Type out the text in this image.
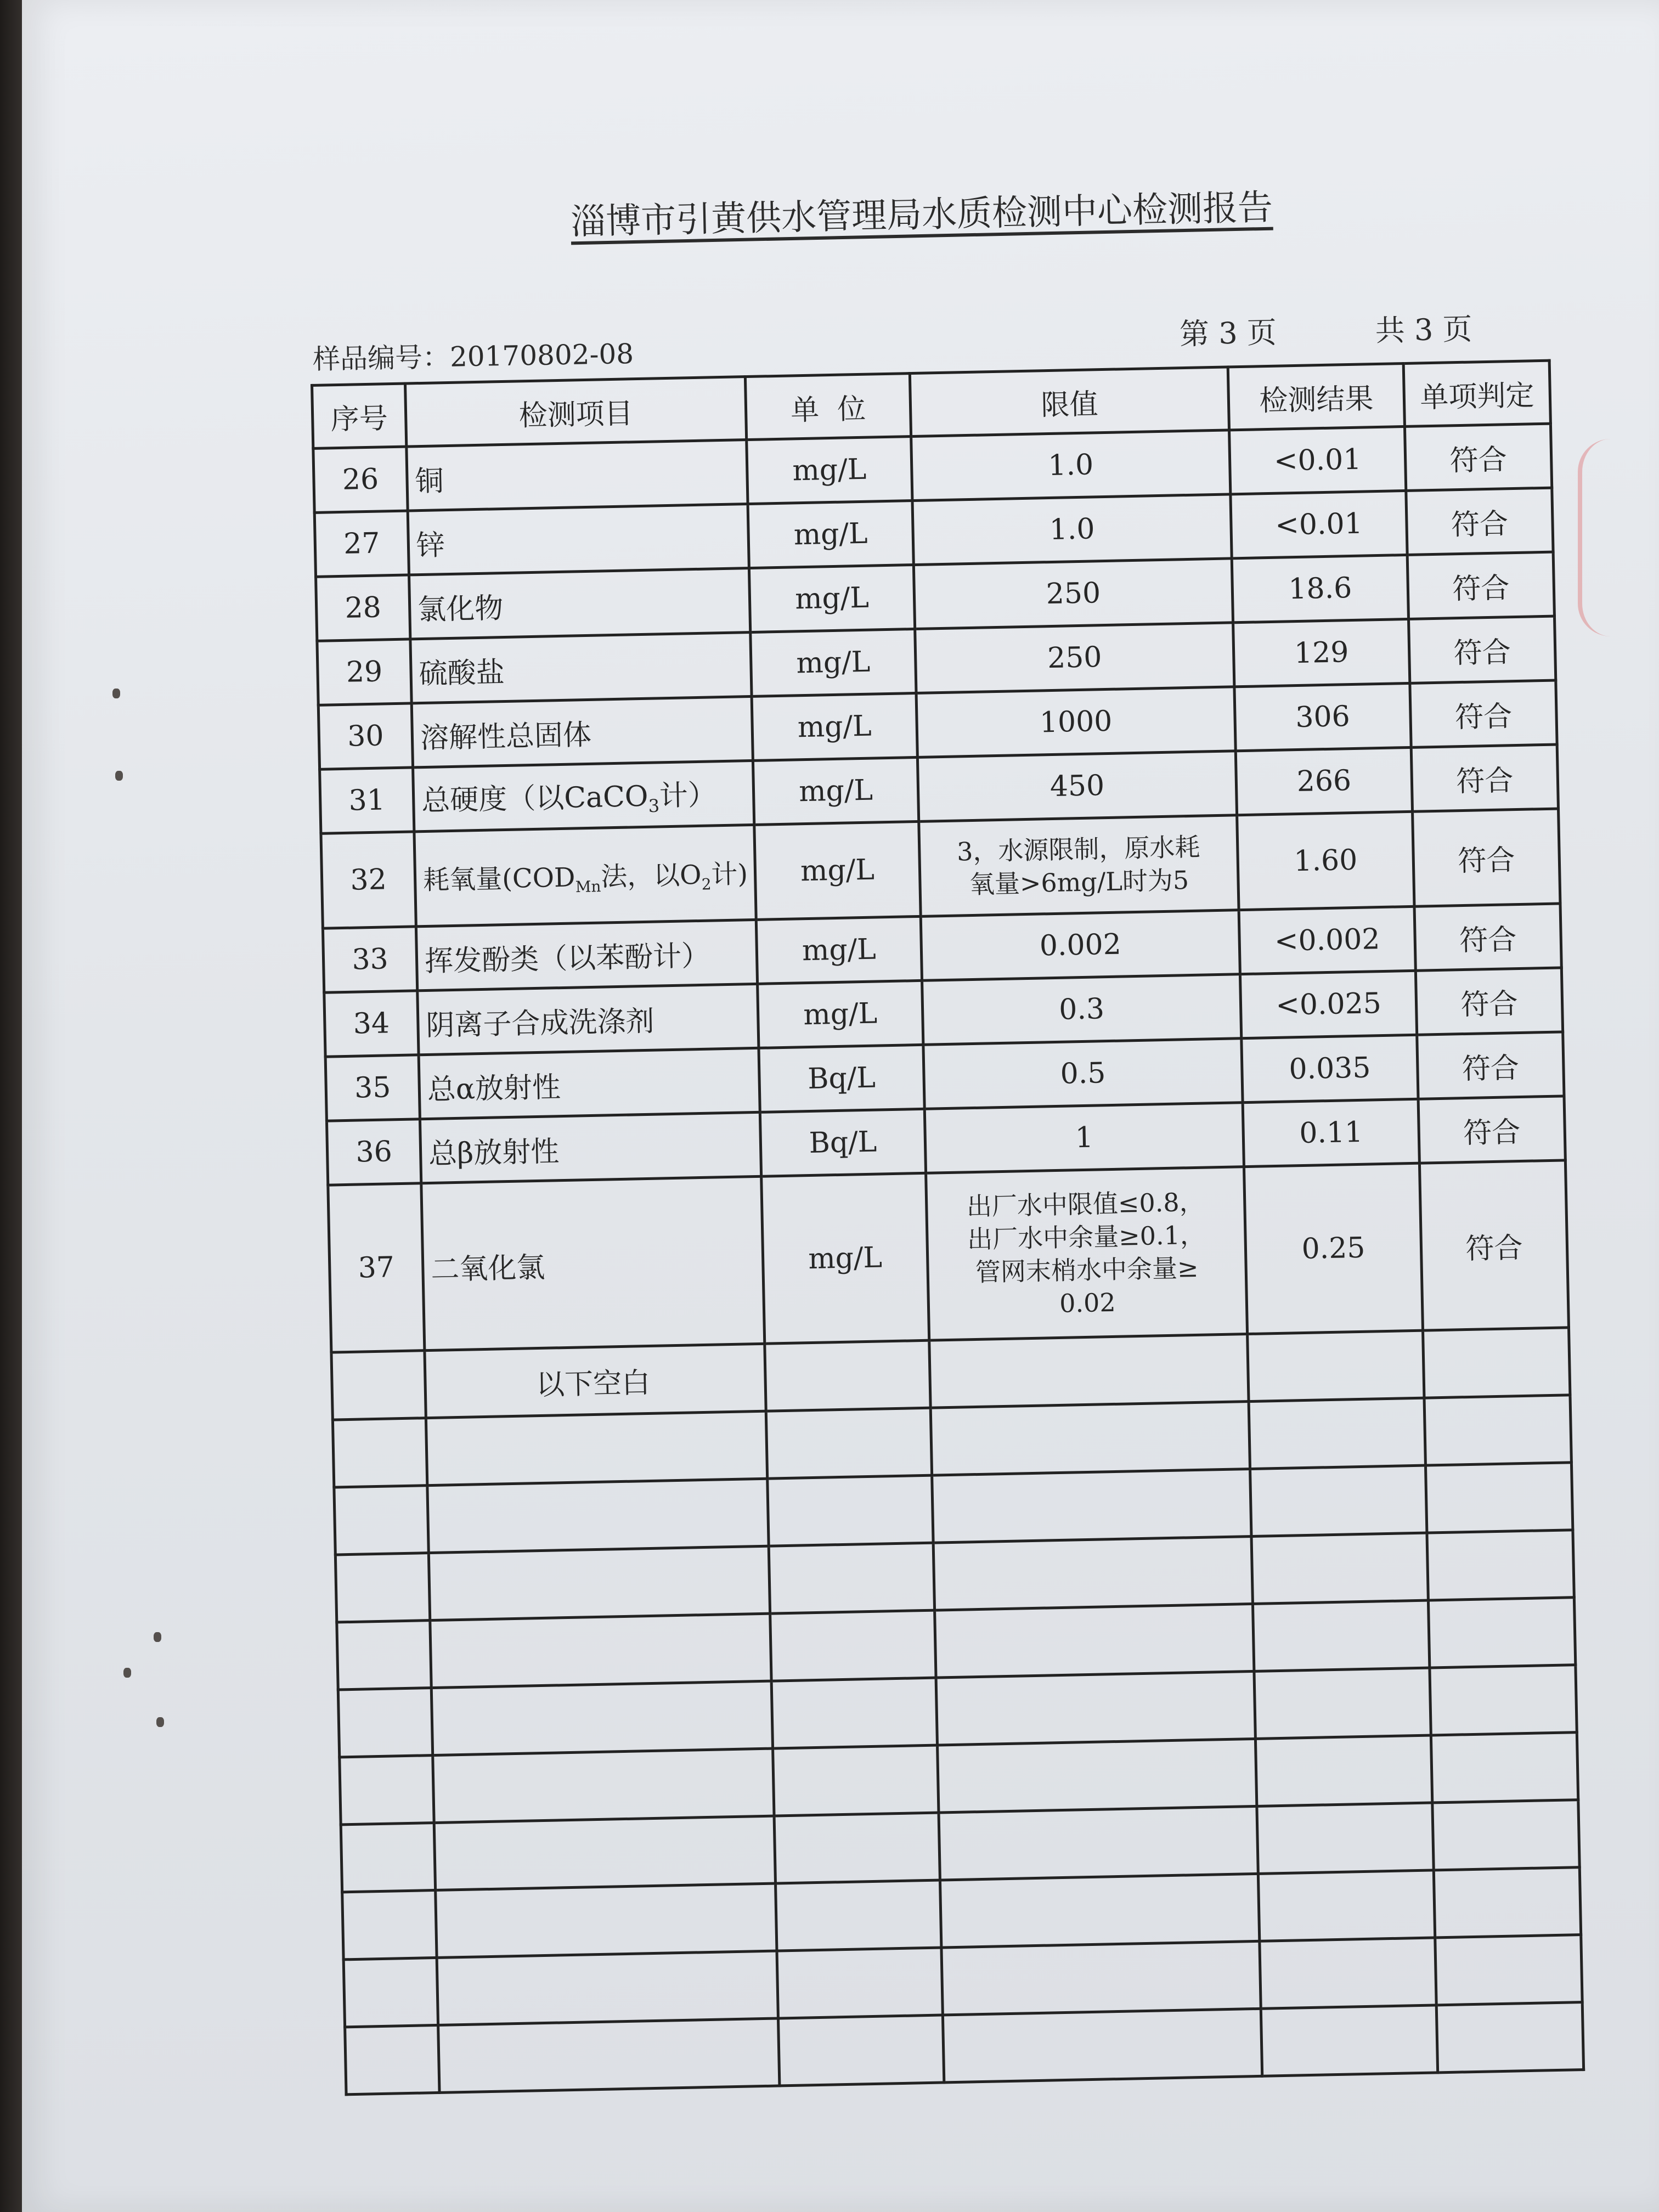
淄博市引黄供水管理局水质检测中心检测报告
样品编号：20170802-08
第 3 页	共 3 页
序号	检测项目	单  位	限值	检测结果	单项判定
26	铜	mg/L	1.0	<0.01	符合
27	锌	mg/L	1.0	<0.01	符合
28	氯化物	mg/L	250	18.6	符合
29	硫酸盐	mg/L	250	129	符合
30	溶解性总固体	mg/L	1000	306	符合
31	总硬度（以CaCO$_3$计）	mg/L	450	266	符合
32	耗氧量($COD_{Mn}$法，以$O_2$计)	mg/L	3，水源限制，原水耗
氧量>6mg/L时为5	1.60	符合
33	挥发酚类（以苯酚计）	mg/L	0.002	<0.002	符合
34	阴离子合成洗涤剂	mg/L	0.3	<0.025	符合
35	总α放射性	Bq/L	0.5	0.035	符合
36	总β放射性	Bq/L	1	0.11	符合
37	二氧化氯	mg/L	出厂水中限值≤0.8，
出厂水中余量≥0.1，
管网末梢水中余量≥
0.02	0.25	符合
	以下空白				
